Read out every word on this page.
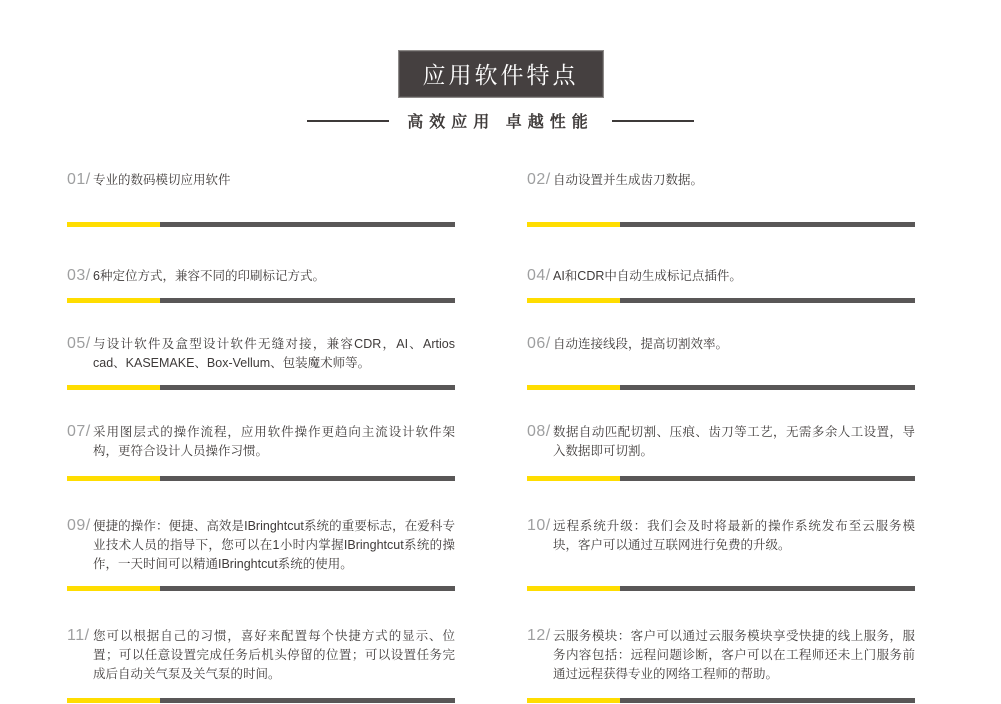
应用软件特点
高效应用 卓越性能
01/ 专业的数码模切应用软件	02/ 自动设置并生成齿刀数据。
03/ 6种定位方式，兼容不同的印刷标记方式。	04/ AI和CDR中自动生成标记点插件。
05/ 与设计软件及盒型设计软件无缝对接，兼容CDR，AI、Artios cad、KASEMAKE、Box-Vellum、包装魔术师等。
06/ 自动连接线段，提高切割效率。
07/ 采用图层式的操作流程，应用软件操作更趋向主流设计软件架构，更符合设计人员操作习惯。
08/ 数据自动匹配切割、压痕、齿刀等工艺，无需多余人工设置，导入数据即可切割。
09/ 便捷的操作：便捷、高效是IBringhtcut系统的重要标志，在爱科专业技术人员的指导下，您可以在1小时内掌握IBringhtcut系统的操作，一天时间可以精通IBringhtcut系统的使用。
10/ 远程系统升级：我们会及时将最新的操作系统发布至云服务模块，客户可以通过互联网进行免费的升级。
11/ 您可以根据自己的习惯，喜好来配置每个快捷方式的显示、位置；可以任意设置完成任务后机头停留的位置；可以设置任务完成后自动关气泵及关气泵的时间。
12/ 云服务模块：客户可以通过云服务模块享受快捷的线上服务，服务内容包括：远程问题诊断，客户可以在工程师还未上门服务前通过远程获得专业的网络工程师的帮助。
